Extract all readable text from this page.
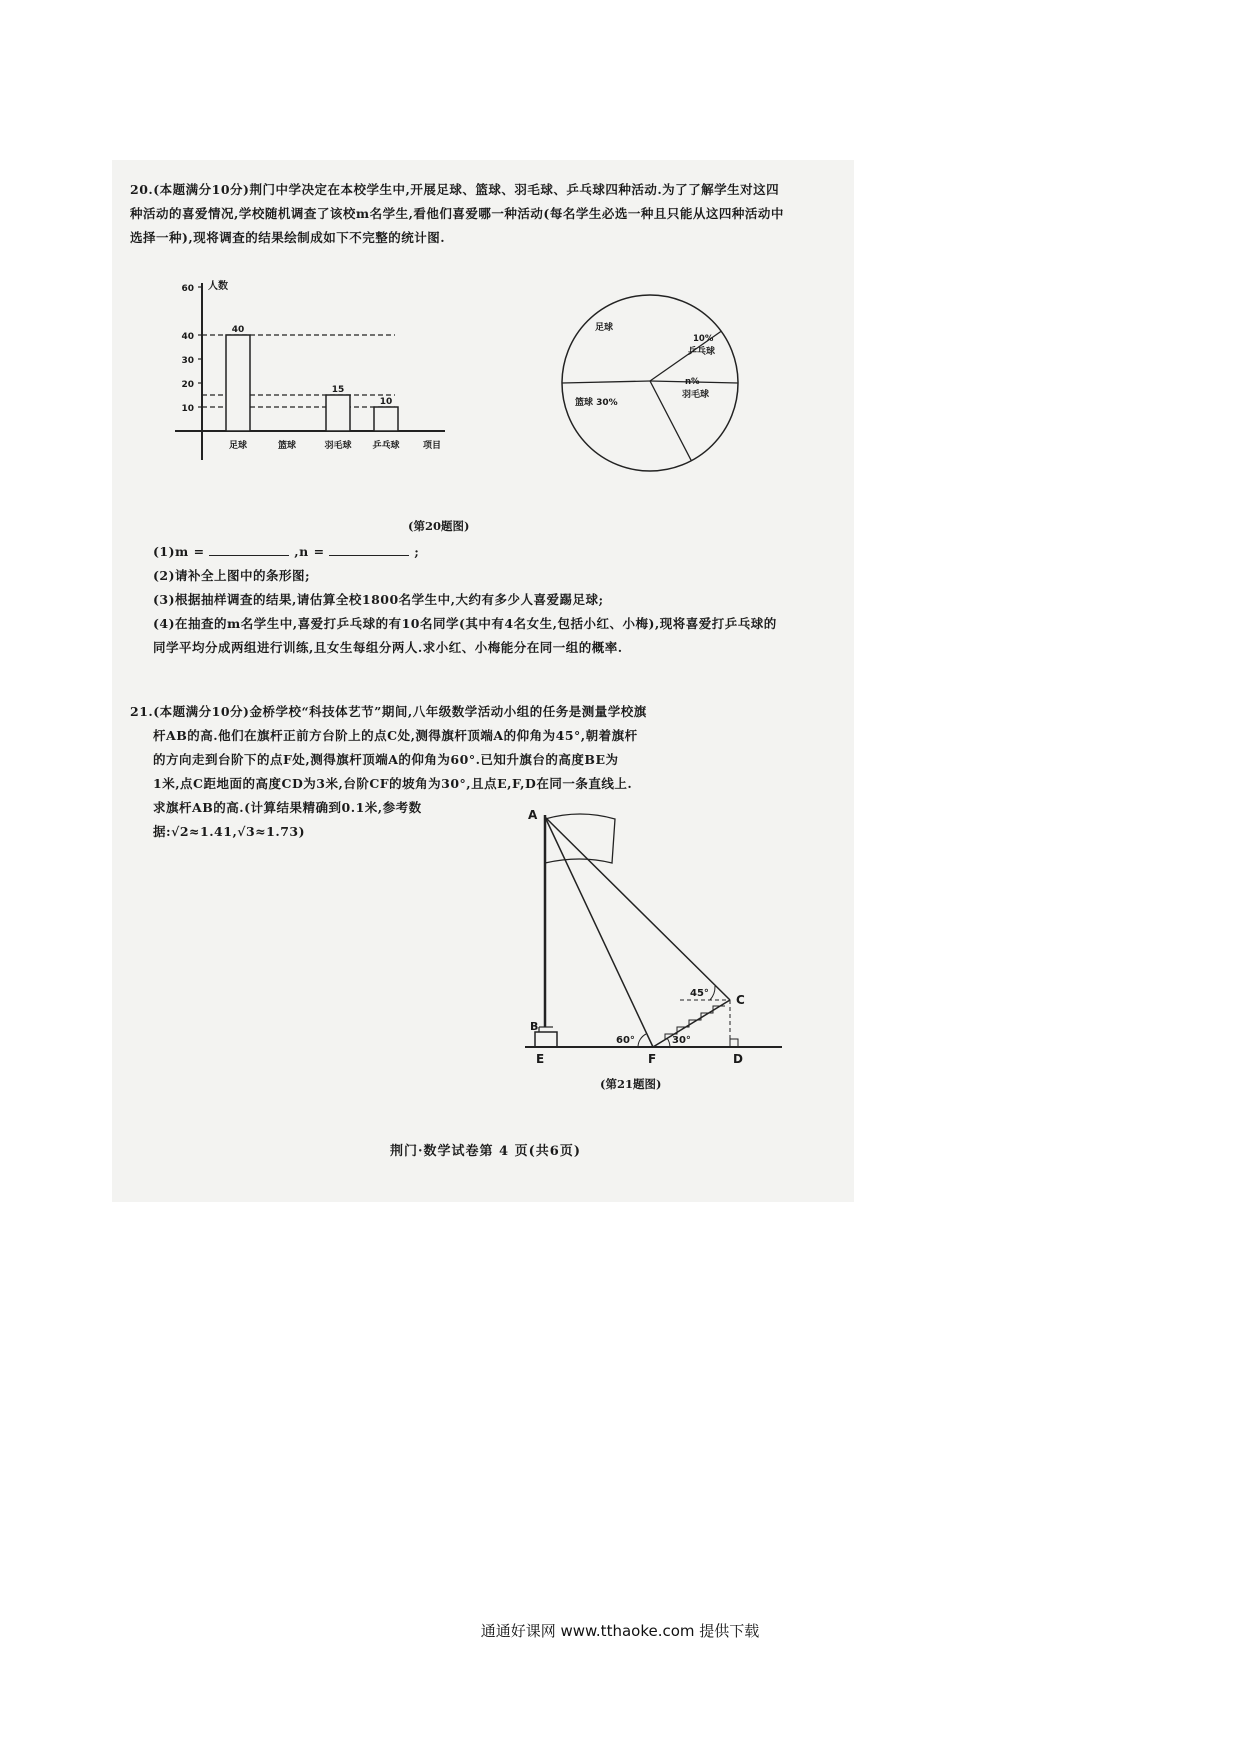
20.(本题满分10分)荆门中学决定在本校学生中,开展足球、篮球、羽毛球、乒乓球四种活动.为了了解学生对这四种活动的喜爱情况,学校随机调查了该校m名学生,看他们喜爱哪一种活动(每名学生必选一种且只能从这四种活动中选择一种),现将调查的结果绘制成如下不完整的统计图.
10
20
30
40
60 人数
项目
40
足球	篮球
15
羽毛球
10
乒乓球
足球
乒乓球
10%
羽毛球
n%
篮球 30%
(第20题图)
(1)m =	,n =	;
(2)请补全上图中的条形图;
(3)根据抽样调查的结果,请估算全校1800名学生中,大约有多少人喜爱踢足球;
(4)在抽查的m名学生中,喜爱打乒乓球的有10名同学(其中有4名女生,包括小红、小梅),现将喜爱打乒乓球的同学平均分成两组进行训练,且女生每组分两人.求小红、小梅能分在同一组的概率.
21.(本题满分10分)金桥学校“科技体艺节”期间,八年级数学活动小组的任务是测量学校旗
杆AB的高.他们在旗杆正前方台阶上的点C处,测得旗杆顶端A的仰角为45°,朝着旗杆
的方向走到台阶下的点F处,测得旗杆顶端A的仰角为60°.已知升旗台的高度BE为
1米,点C距地面的高度CD为3米,台阶CF的坡角为30°,且点E,F,D在同一条直线上.
求旗杆AB的高.(计算结果精确到0.1米,参考数
据:√2≈1.41,√3≈1.73)
A
B
C
D
E	F
45°
60°	30°
(第21题图)
荆门·数学试卷第 4 页(共6页)
通通好课网 www.tthaoke.com 提供下载
